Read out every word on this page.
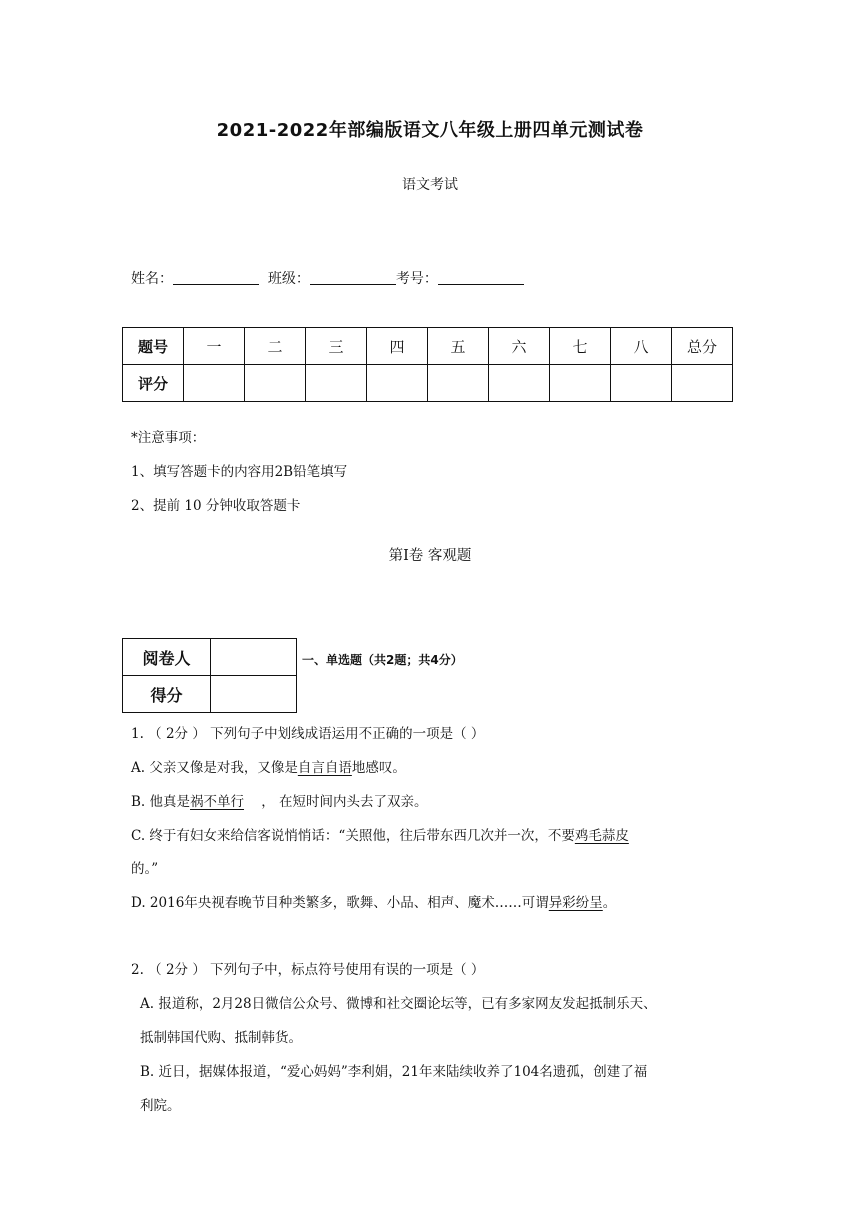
2021-2022年部编版语文八年级上册四单元测试卷
语文考试
姓名：	班级：	考号：
题号	一	二	三	四	五	六	七	八	总分
评分									
*注意事项：
1、填写答题卡的内容用2B铅笔填写
2、提前 10 分钟收取答题卡
第Ⅰ卷 客观题
阅卷人	
得分	
一、单选题（共2题；共4分）
1. （ 2分 ） 下列句子中划线成语运用不正确的一项是（ ）
A. 父亲又像是对我，又像是自言自语地感叹。
B. 他真是祸不单行 ， 在短时间内头去了双亲。
C. 终于有妇女来给信客说悄悄话：“关照他，往后带东西几次并一次，不要鸡毛蒜皮
的。”
D. 2016年央视春晚节目种类繁多，歌舞、小品、相声、魔术……可谓异彩纷呈。
2. （ 2分 ） 下列句子中，标点符号使用有误的一项是（ ）
A. 报道称，2月28日微信公众号、微博和社交圈论坛等，已有多家网友发起抵制乐天、
抵制韩国代购、抵制韩货。
B. 近日，据媒体报道，“爱心妈妈”李利娟，21年来陆续收养了104名遗孤，创建了福
利院。
